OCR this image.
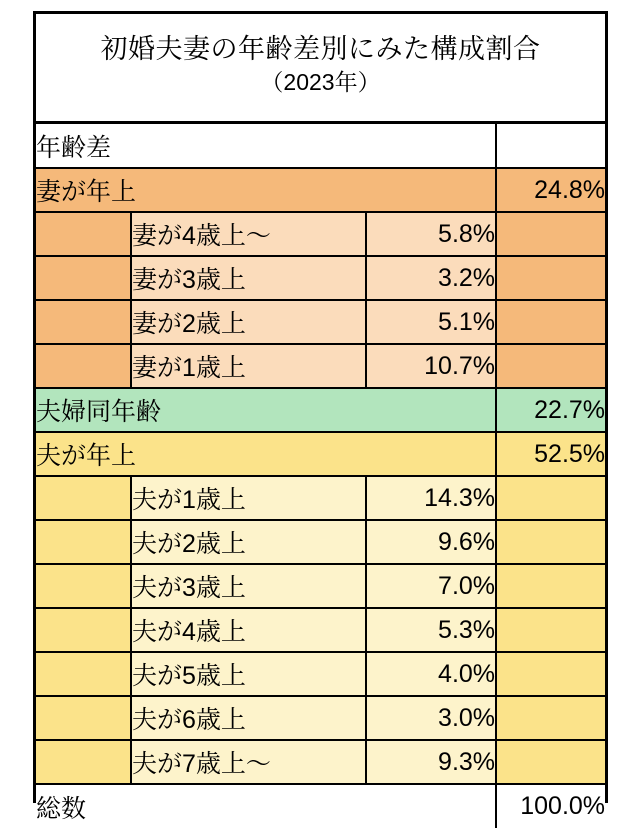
初婚夫妻の年齢差別にみた構成割合
（2023年）
年齢差			
妻が年上			24.8%
	妻が4歳上〜	5.8%	
	妻が3歳上	3.2%	
	妻が2歳上	5.1%	
	妻が1歳上	10.7%	
夫婦同年齢			22.7%
夫が年上			52.5%
	夫が1歳上	14.3%	
	夫が2歳上	9.6%	
	夫が3歳上	7.0%	
	夫が4歳上	5.3%	
	夫が5歳上	4.0%	
	夫が6歳上	3.0%	
	夫が7歳上〜	9.3%	
総数			100.0%
